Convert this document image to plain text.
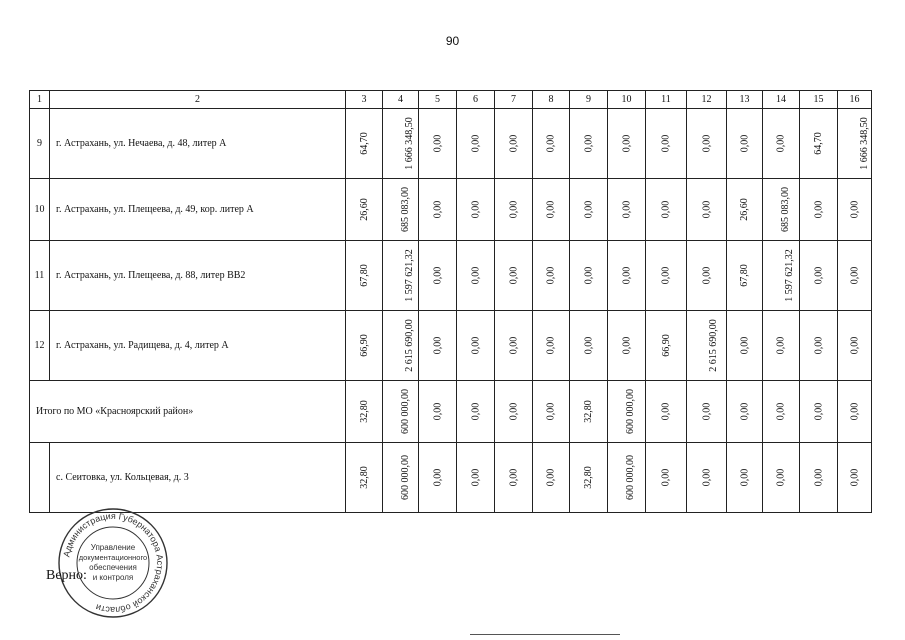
90
1	2	3	4	5	6	7	8	9	10	11	12	13	14	15	16
9	г. Астрахань, ул. Нечаева, д. 48, литер А	64,70	1 666 348,50	0,00	0,00	0,00	0,00	0,00	0,00	0,00	0,00	0,00	0,00	64,70	1 666 348,50
10	г. Астрахань, ул. Плещеева, д. 49, кор. литер А	26,60	685 083,00	0,00	0,00	0,00	0,00	0,00	0,00	0,00	0,00	26,60	685 083,00	0,00	0,00
11	г. Астрахань, ул. Плещеева, д. 88, литер ВВ2	67,80	1 597 621,32	0,00	0,00	0,00	0,00	0,00	0,00	0,00	0,00	67,80	1 597 621,32	0,00	0,00
12	г. Астрахань, ул. Радищева, д. 4, литер А	66,90	2 615 690,00	0,00	0,00	0,00	0,00	0,00	0,00	66,90	2 615 690,00	0,00	0,00	0,00	0,00
Итого по МО «Красноярский район»		32,80	600 000,00	0,00	0,00	0,00	0,00	32,80	600 000,00	0,00	0,00	0,00	0,00	0,00	0,00
	с. Сеитовка, ул. Кольцевая, д. 3	32,80	600 000,00	0,00	0,00	0,00	0,00	32,80	600 000,00	0,00	0,00	0,00	0,00	0,00	0,00
Администрация Губернатора Астраханской области
Управление
документационного
обеспечения
и контроля
Верно:
